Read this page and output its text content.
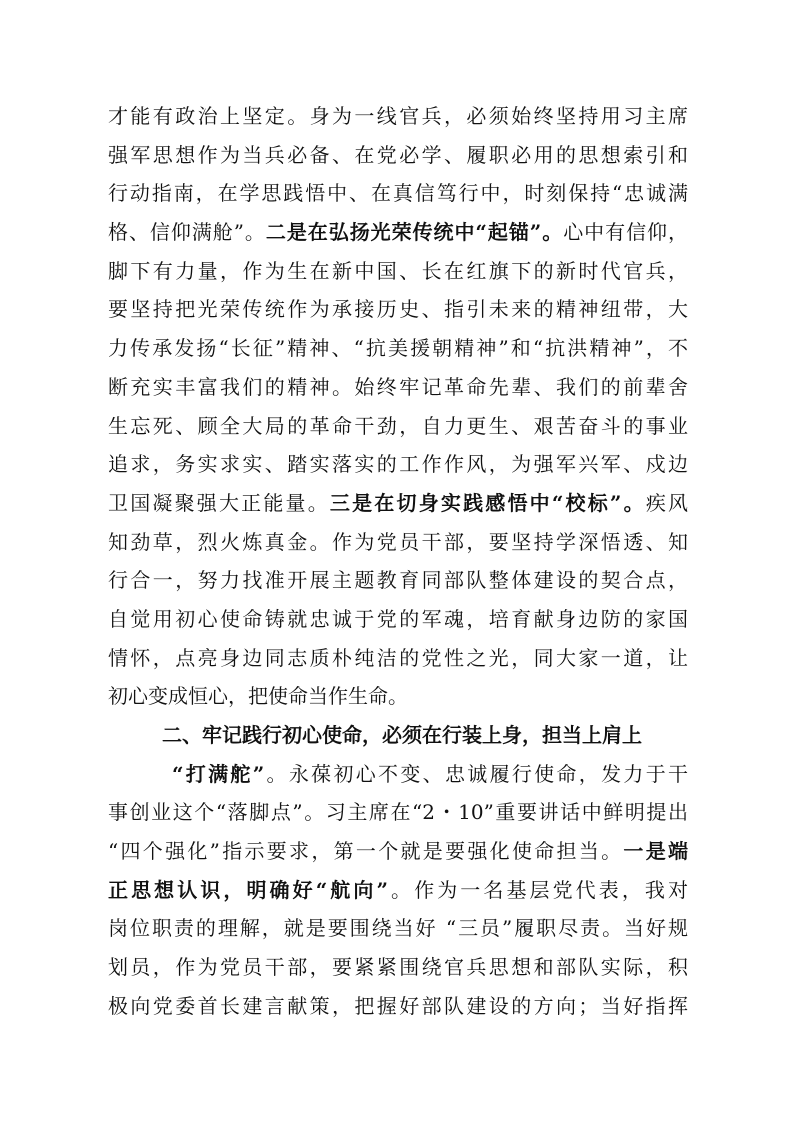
才能有政治上坚定。身为一线官兵，必须始终坚持用习主席
强军思想作为当兵必备、在党必学、履职必用的思想索引和
行动指南，在学思践悟中、在真信笃行中，时刻保持“忠诚满
格、信仰满舱”。二是在弘扬光荣传统中“起锚”。心中有信仰，
脚下有力量，作为生在新中国、长在红旗下的新时代官兵，
要坚持把光荣传统作为承接历史、指引未来的精神纽带，大
力传承发扬“长征”精神、“抗美援朝精神”和“抗洪精神”，不
断充实丰富我们的精神。始终牢记革命先辈、我们的前辈舍
生忘死、顾全大局的革命干劲，自力更生、艰苦奋斗的事业
追求，务实求实、踏实落实的工作作风，为强军兴军、戍边
卫国凝聚强大正能量。三是在切身实践感悟中“校标”。疾风
知劲草，烈火炼真金。作为党员干部，要坚持学深悟透、知
行合一，努力找准开展主题教育同部队整体建设的契合点，
自觉用初心使命铸就忠诚于党的军魂，培育献身边防的家国
情怀，点亮身边同志质朴纯洁的党性之光，同大家一道，让
初心变成恒心，把使命当作生命。
二、牢记践行初心使命，必须在行装上身，担当上肩上
“打满舵”。永葆初心不变、忠诚履行使命，发力于干
事创业这个“落脚点”。习主席在“2・10”重要讲话中鲜明提出
“四个强化”指示要求，第一个就是要强化使命担当。一是端
正思想认识，明确好“航向”。作为一名基层党代表，我对
岗位职责的理解，就是要围绕当好 “三员”履职尽责。当好规
划员，作为党员干部，要紧紧围绕官兵思想和部队实际，积
极向党委首长建言献策，把握好部队建设的方向；当好指挥
